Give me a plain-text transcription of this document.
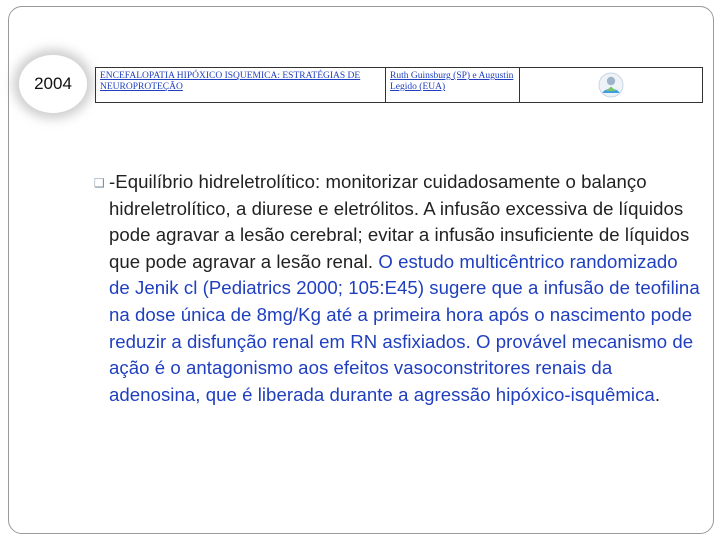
2004	ENCEFALOPATIA HIPÓXICO ISQUEMICA: ESTRATÉGIAS DE NEUROPROTEÇÃO
Ruth Guinsburg (SP) e Augustin Legido (EUA)
❑ -Equilíbrio hidreletrolítico: monitorizar cuidadosamente o balanço hidreletrolítico, a diurese e eletrólitos. A infusão excessiva de líquidos pode agravar a lesão cerebral; evitar a infusão insuficiente de líquidos que pode agravar a lesão renal. O estudo multicêntrico randomizado de Jenik cl (Pediatrics 2000; 105:E45) sugere que a infusão de teofilina na dose única de 8mg/Kg até a primeira hora após o nascimento pode reduzir a disfunção renal em RN asfixiados. O provável mecanismo de ação é o antagonismo aos efeitos vasoconstritores renais da adenosina, que é liberada durante a agressão hipóxico-isquêmica.
